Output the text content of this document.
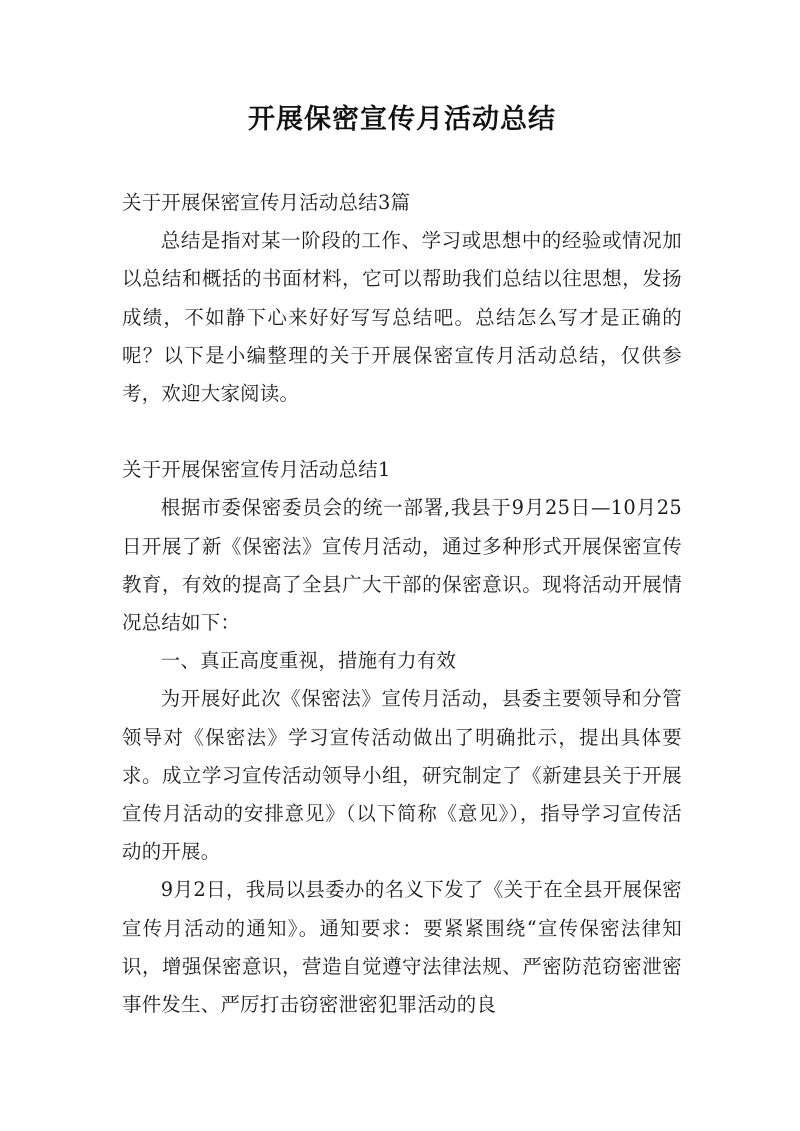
开展保密宣传月活动总结

关于开展保密宣传月活动总结3篇

总结是指对某一阶段的工作、学习或思想中的经验或情况加以总结和概括的书面材料，它可以帮助我们总结以往思想，发扬成绩，不如静下心来好好写写总结吧。总结怎么写才是正确的呢？以下是小编整理的关于开展保密宣传月活动总结，仅供参考，欢迎大家阅读。

关于开展保密宣传月活动总结1

根据市委保密委员会的统一部署,我县于9月25日—10月25日开展了新《保密法》宣传月活动，通过多种形式开展保密宣传教育，有效的提高了全县广大干部的保密意识。现将活动开展情况总结如下：

一、真正高度重视，措施有力有效

为开展好此次《保密法》宣传月活动，县委主要领导和分管领导对《保密法》学习宣传活动做出了明确批示，提出具体要求。成立学习宣传活动领导小组，研究制定了《新建县关于开展宣传月活动的安排意见》（以下简称《意见》），指导学习宣传活动的开展。

9月2日，我局以县委办的名义下发了《关于在全县开展保密宣传月活动的通知》。通知要求：要紧紧围绕“宣传保密法律知识，增强保密意识，营造自觉遵守法律法规、严密防范窃密泄密事件发生、严厉打击窃密泄密犯罪活动的良
